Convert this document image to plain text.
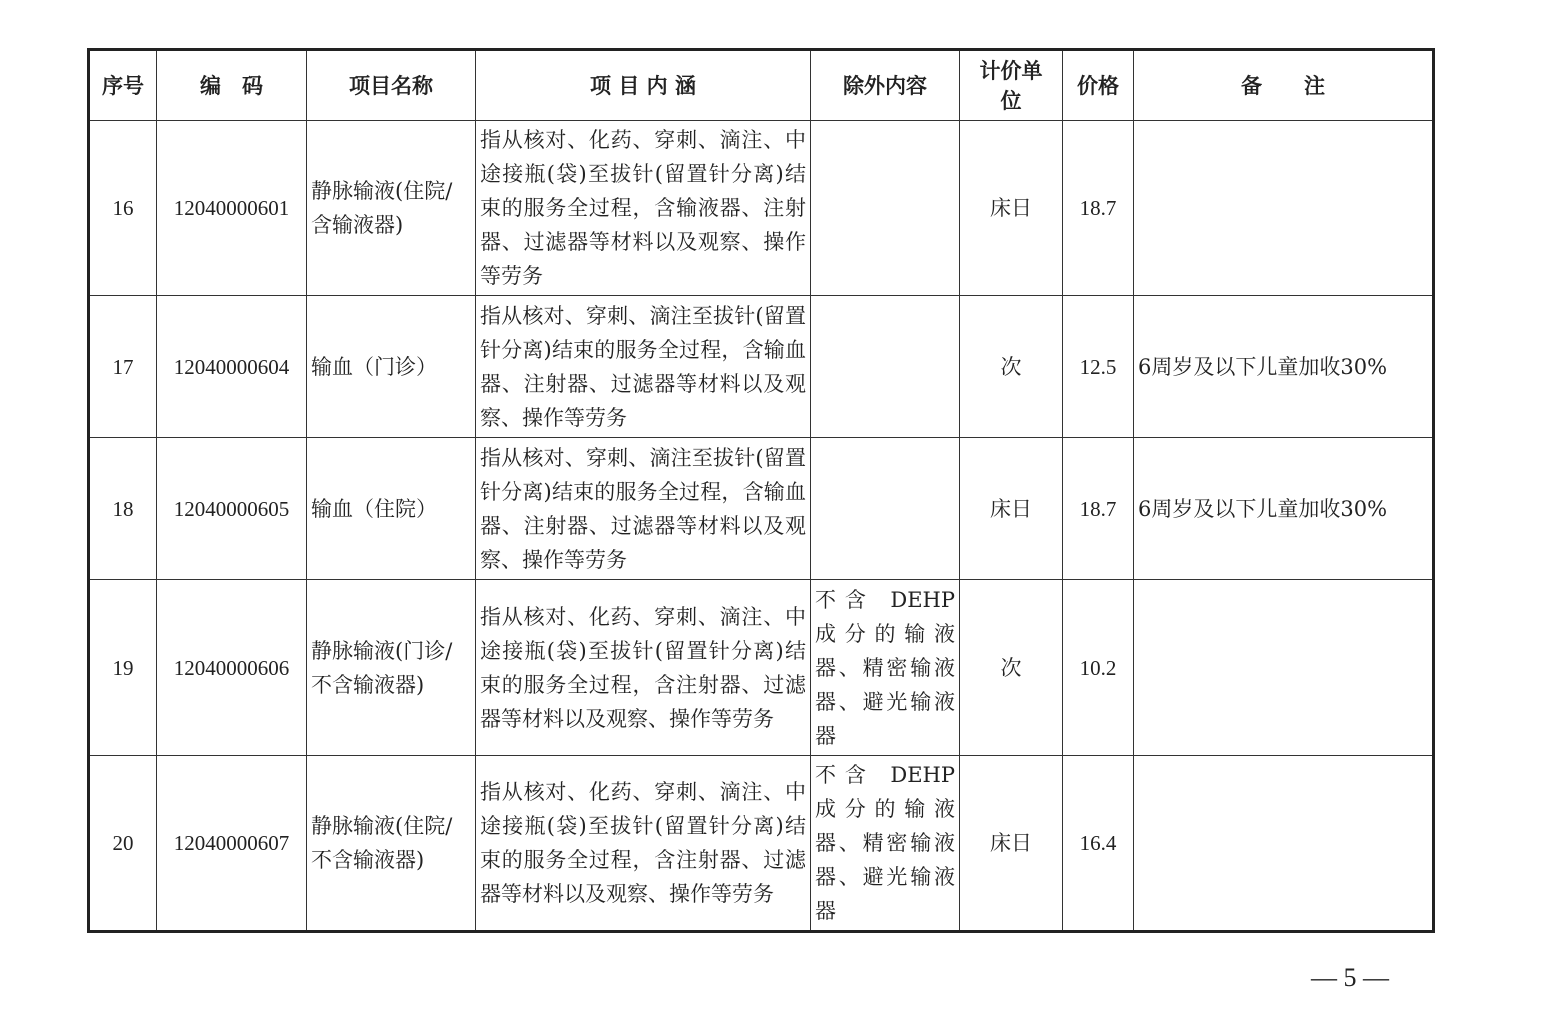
序号	编　码	项目名称	项 目 内 涵	除外内容	计价单位	价格	备　　注
16	12040000601	静脉输液(住院/含输液器)	指从核对、化药、穿刺、滴注、中途接瓶(袋)至拔针(留置针分离)结束的服务全过程，含输液器、注射器、过滤器等材料以及观察、操作等劳务		床日	18.7	
17	12040000604	输血（门诊）	指从核对、穿刺、滴注至拔针(留置针分离)结束的服务全过程，含输血器、注射器、过滤器等材料以及观察、操作等劳务		次	12.5	6周岁及以下儿童加收30%
18	12040000605	输血（住院）	指从核对、穿刺、滴注至拔针(留置针分离)结束的服务全过程，含输血器、注射器、过滤器等材料以及观察、操作等劳务		床日	18.7	6周岁及以下儿童加收30%
19	12040000606	静脉输液(门诊/不含输液器)	指从核对、化药、穿刺、滴注、中途接瓶(袋)至拔针(留置针分离)结束的服务全过程，含注射器、过滤器等材料以及观察、操作等劳务	不含 DEHP 成分的输液器、精密输液器、避光输液器	次	10.2	
20	12040000607	静脉输液(住院/不含输液器)	指从核对、化药、穿刺、滴注、中途接瓶(袋)至拔针(留置针分离)结束的服务全过程，含注射器、过滤器等材料以及观察、操作等劳务	不含 DEHP 成分的输液器、精密输液器、避光输液器	床日	16.4	
— 5 —
